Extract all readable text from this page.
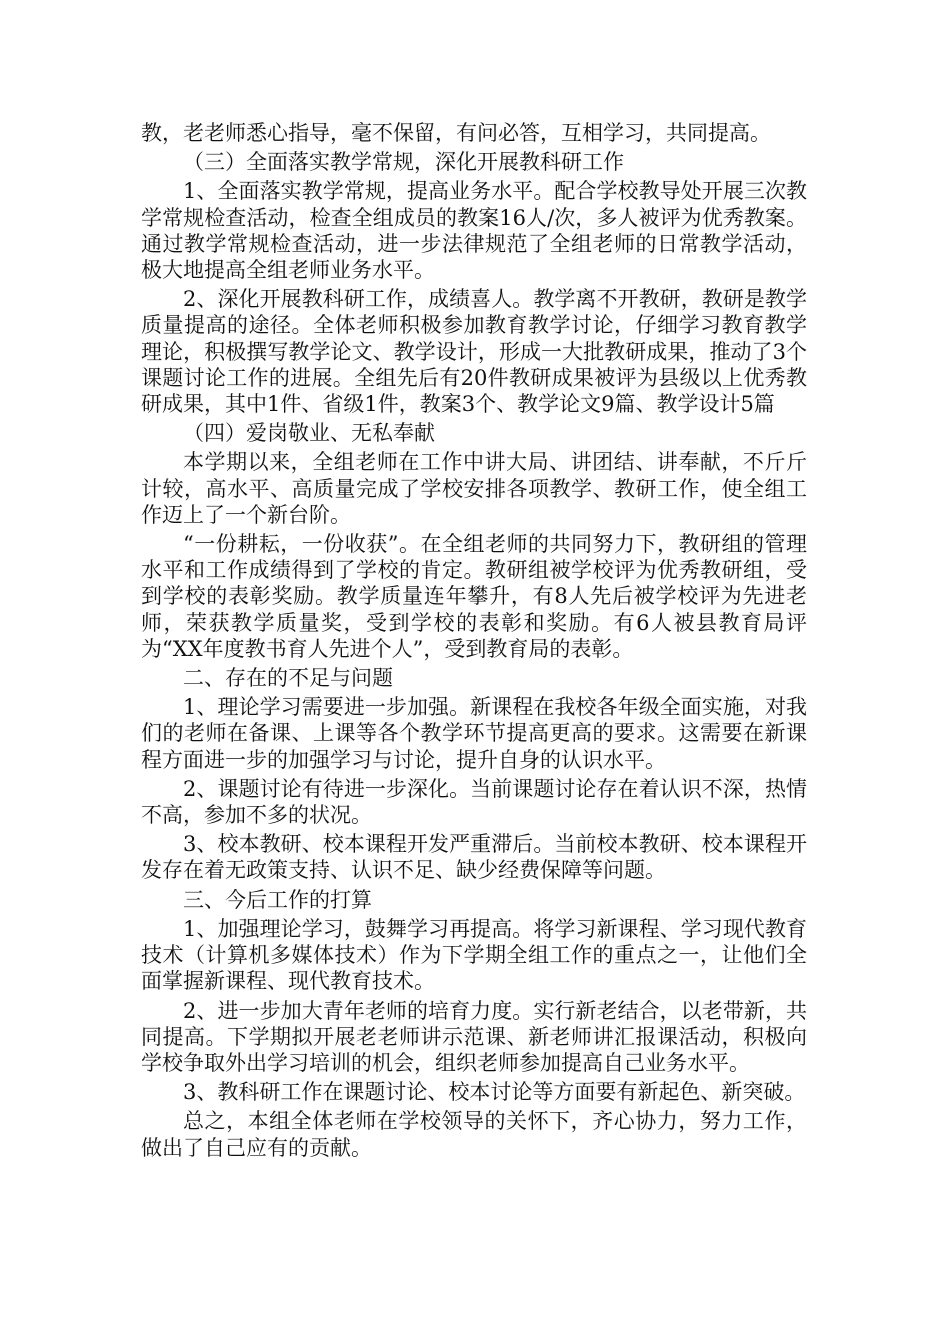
教，老老师悉心指导，毫不保留，有问必答，互相学习，共同提高。

（三）全面落实教学常规，深化开展教科研工作

1、全面落实教学常规，提高业务水平。配合学校教导处开展三次教学常规检查活动，检查全组成员的教案16人/次，多人被评为优秀教案。通过教学常规检查活动，进一步法律规范了全组老师的日常教学活动，极大地提高全组老师业务水平。

2、深化开展教科研工作，成绩喜人。教学离不开教研，教研是教学质量提高的途径。全体老师积极参加教育教学讨论，仔细学习教育教学理论，积极撰写教学论文、教学设计，形成一大批教研成果，推动了3个课题讨论工作的进展。全组先后有20件教研成果被评为县级以上优秀教研成果，其中1件、省级1件，教案3个、教学论文9篇、教学设计5篇

（四）爱岗敬业、无私奉献

本学期以来，全组老师在工作中讲大局、讲团结、讲奉献，不斤斤计较，高水平、高质量完成了学校安排各项教学、教研工作，使全组工作迈上了一个新台阶。

“一份耕耘，一份收获”。在全组老师的共同努力下，教研组的管理水平和工作成绩得到了学校的肯定。教研组被学校评为优秀教研组，受到学校的表彰奖励。教学质量连年攀升，有8人先后被学校评为先进老师，荣获教学质量奖，受到学校的表彰和奖励。有6人被县教育局评为“XX年度教书育人先进个人”，受到教育局的表彰。

二、存在的不足与问题

1、理论学习需要进一步加强。新课程在我校各年级全面实施，对我们的老师在备课、上课等各个教学环节提高更高的要求。这需要在新课程方面进一步的加强学习与讨论，提升自身的认识水平。

2、课题讨论有待进一步深化。当前课题讨论存在着认识不深，热情不高，参加不多的状况。

3、校本教研、校本课程开发严重滞后。当前校本教研、校本课程开发存在着无政策支持、认识不足、缺少经费保障等问题。

三、今后工作的打算

1、加强理论学习，鼓舞学习再提高。将学习新课程、学习现代教育技术（计算机多媒体技术）作为下学期全组工作的重点之一，让他们全面掌握新课程、现代教育技术。

2、进一步加大青年老师的培育力度。实行新老结合，以老带新，共同提高。下学期拟开展老老师讲示范课、新老师讲汇报课活动，积极向学校争取外出学习培训的机会，组织老师参加提高自己业务水平。

3、教科研工作在课题讨论、校本讨论等方面要有新起色、新突破。

总之，本组全体老师在学校领导的关怀下，齐心协力，努力工作，做出了自己应有的贡献。
